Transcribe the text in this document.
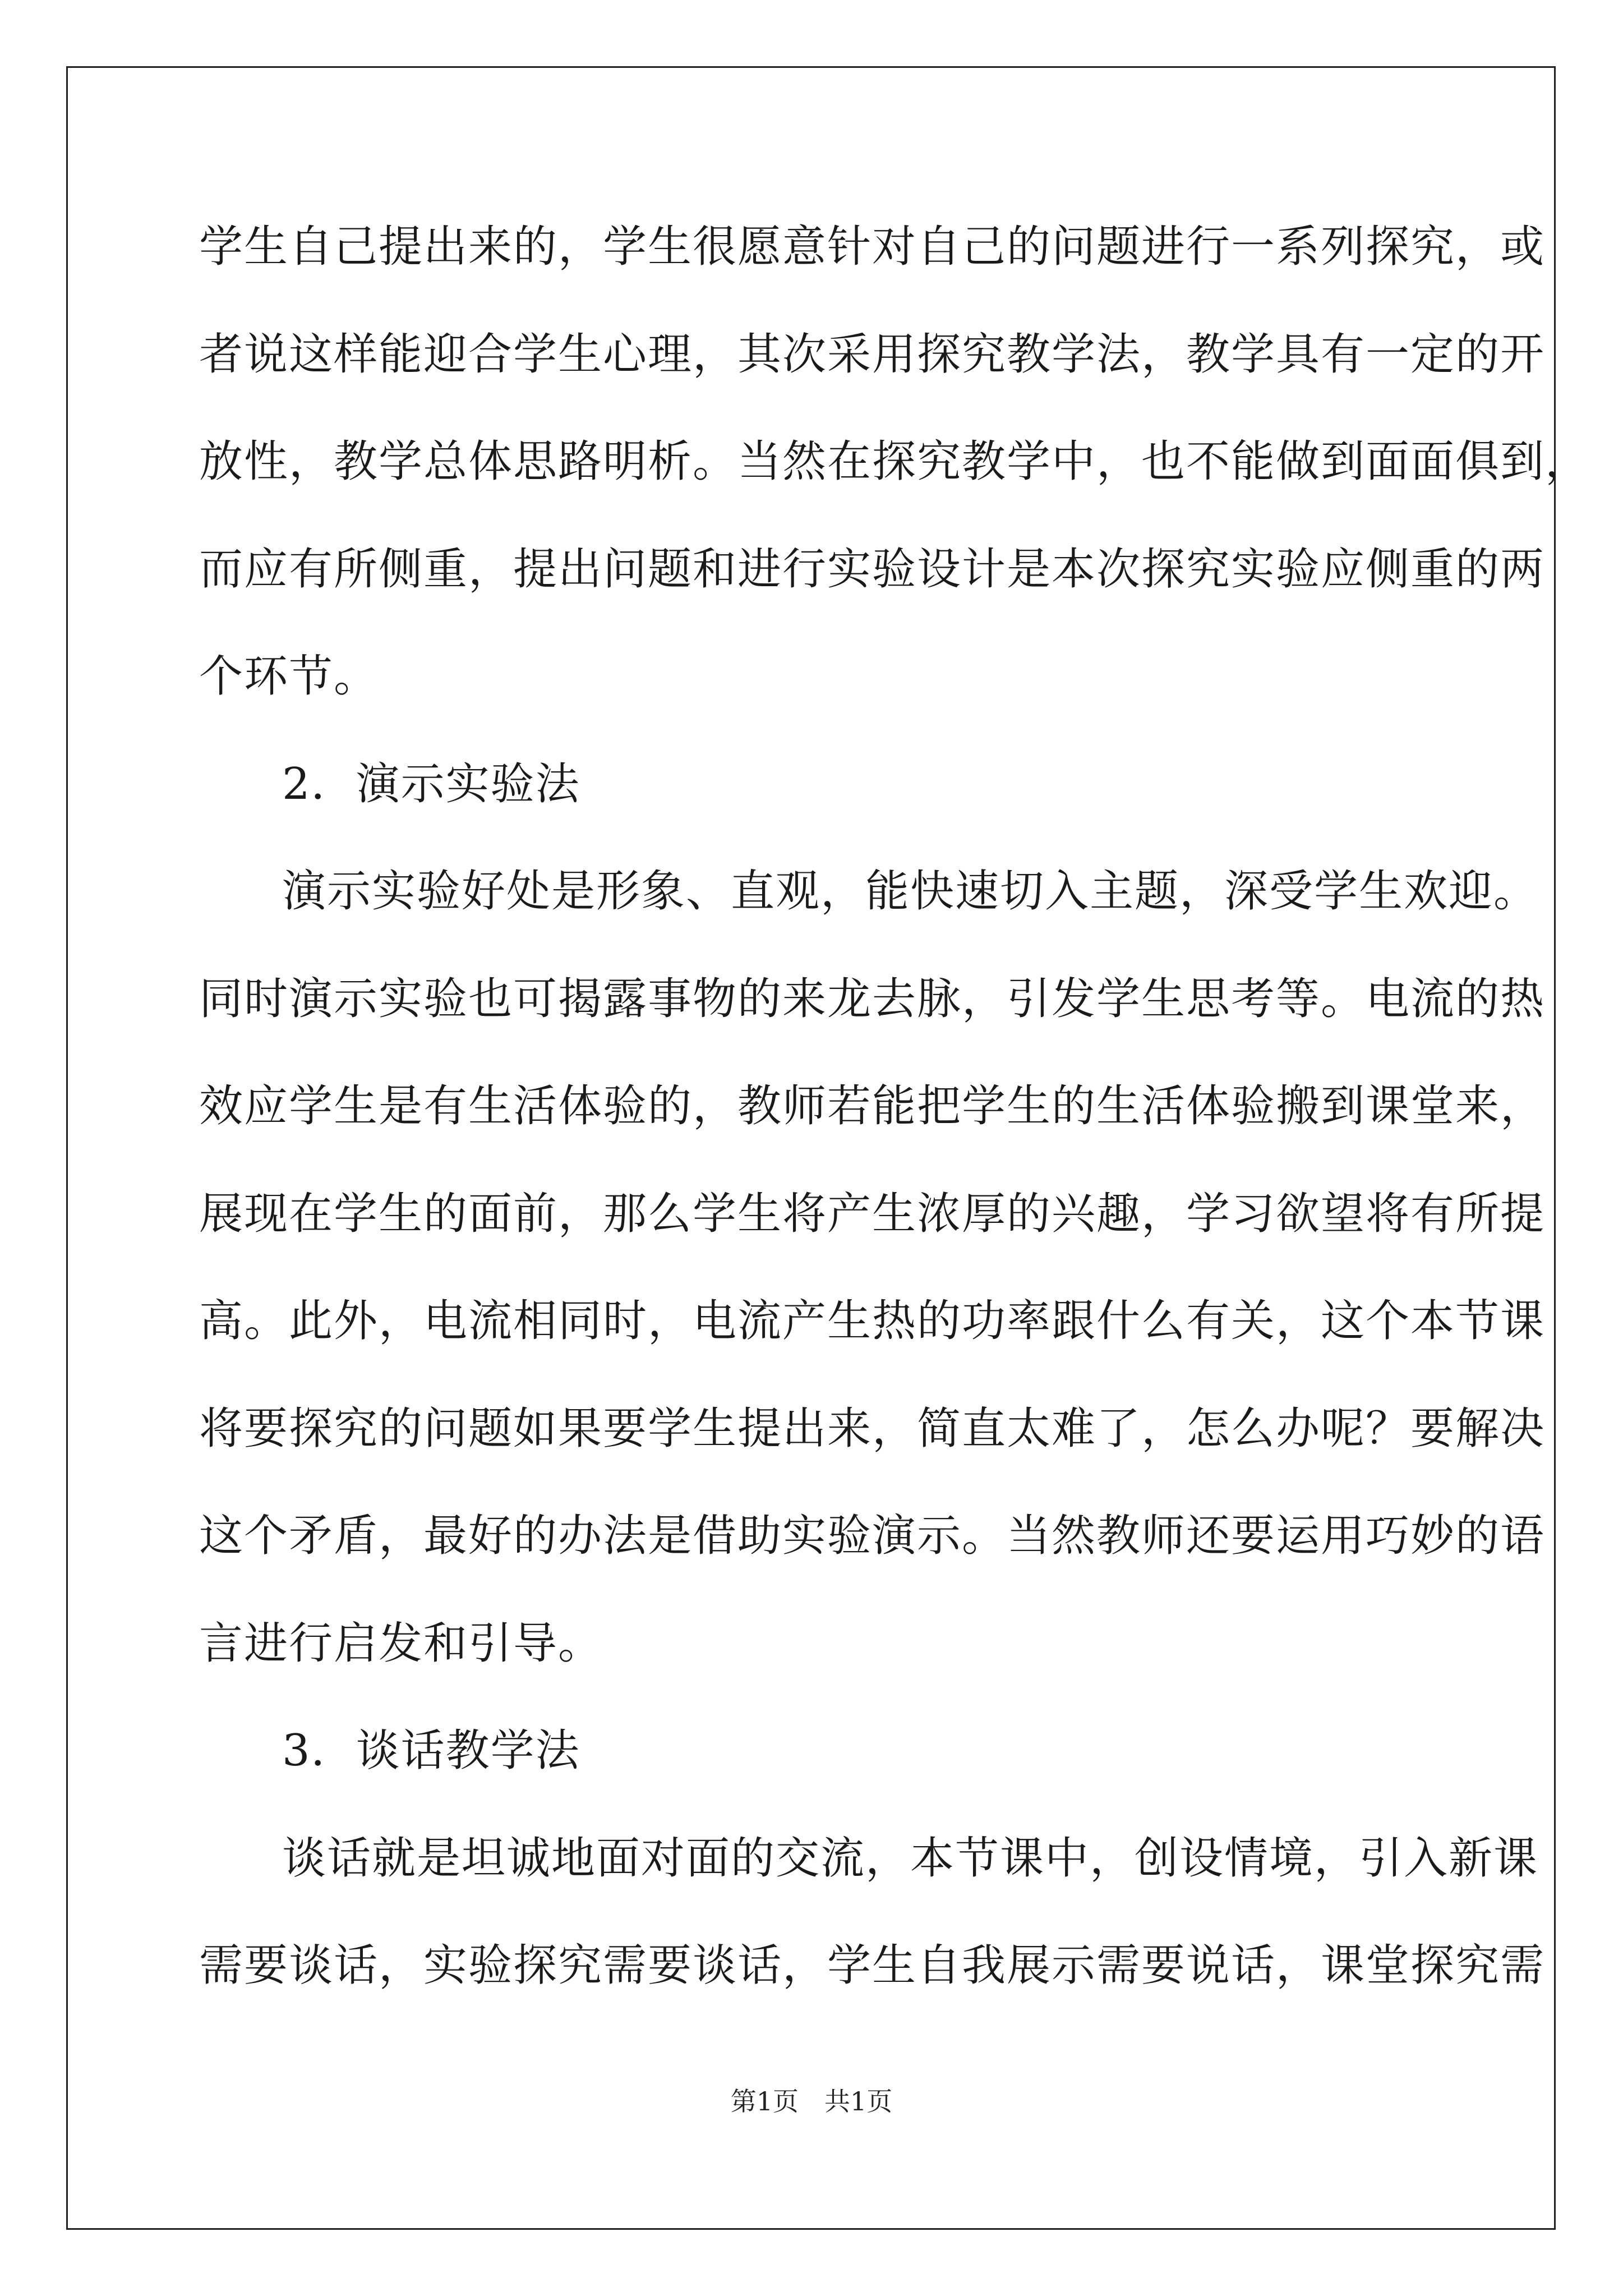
学生自己提出来的，学生很愿意针对自己的问题进行一系列探究，或
者说这样能迎合学生心理，其次采用探究教学法，教学具有一定的开
放性，教学总体思路明析。当然在探究教学中，也不能做到面面俱到，
而应有所侧重，提出问题和进行实验设计是本次探究实验应侧重的两
个环节。
2．演示实验法
演示实验好处是形象、直观，能快速切入主题，深受学生欢迎。
同时演示实验也可揭露事物的来龙去脉，引发学生思考等。电流的热
效应学生是有生活体验的，教师若能把学生的生活体验搬到课堂来，
展现在学生的面前，那么学生将产生浓厚的兴趣，学习欲望将有所提
高。此外，电流相同时，电流产生热的功率跟什么有关，这个本节课
将要探究的问题如果要学生提出来，简直太难了，怎么办呢？要解决
这个矛盾，最好的办法是借助实验演示。当然教师还要运用巧妙的语
言进行启发和引导。
3．谈话教学法
谈话就是坦诚地面对面的交流，本节课中，创设情境，引入新课
需要谈话，实验探究需要谈话，学生自我展示需要说话，课堂探究需
第1页　共1页
